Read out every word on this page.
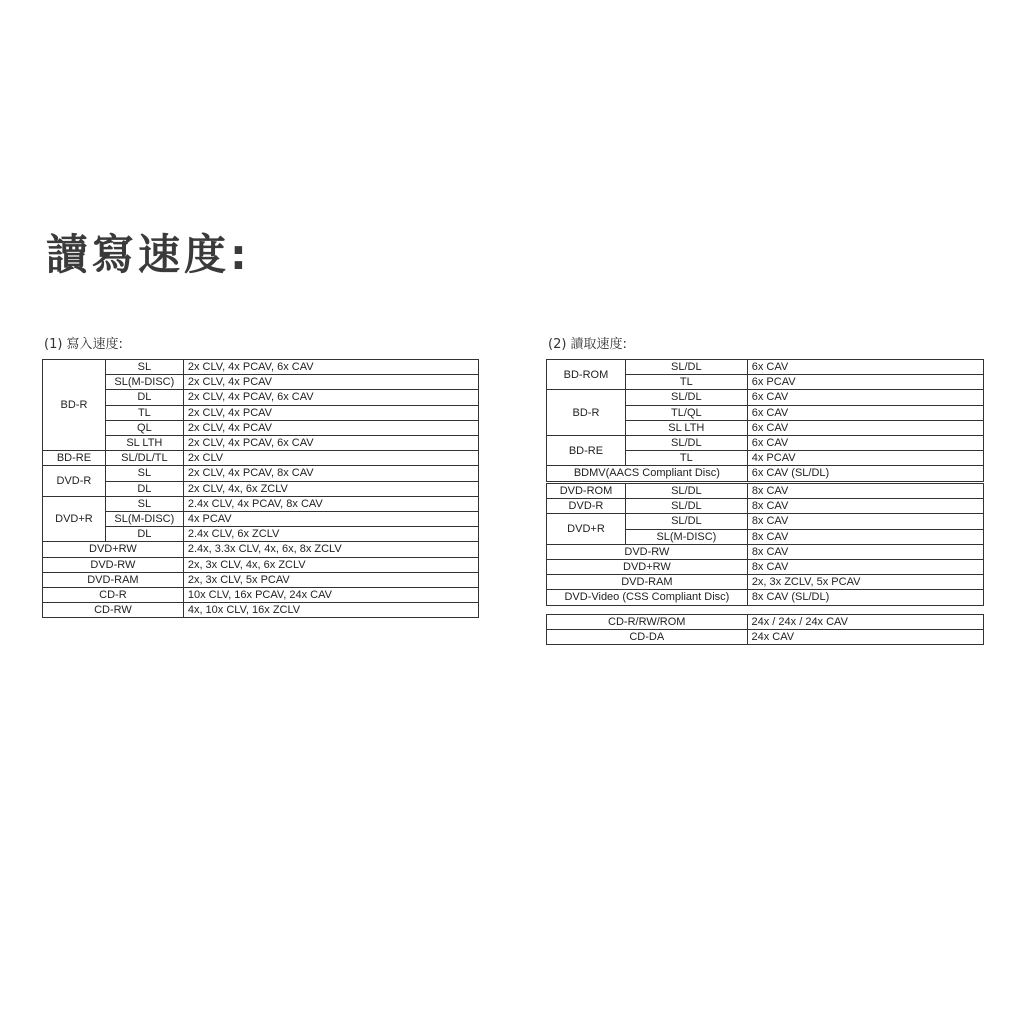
讀寫速度:
(1) 寫入速度:	(2) 讀取速度:
BD-R	SL	2x CLV, 4x PCAV, 6x CAV
	SL(M-DISC)	2x CLV, 4x PCAV
	DL	2x CLV, 4x PCAV, 6x CAV
	TL	2x CLV, 4x PCAV
	QL	2x CLV, 4x PCAV
	SL LTH	2x CLV, 4x PCAV, 6x CAV
BD-RE	SL/DL/TL	2x CLV
DVD-R	SL	2x CLV, 4x PCAV, 8x CAV
	DL	2x CLV, 4x, 6x ZCLV
DVD+R	SL	2.4x CLV, 4x PCAV, 8x CAV
	SL(M-DISC)	4x PCAV
	DL	2.4x CLV, 6x ZCLV
DVD+RW		2.4x, 3.3x CLV, 4x, 6x, 8x ZCLV
DVD-RW		2x, 3x CLV, 4x, 6x ZCLV
DVD-RAM		2x, 3x CLV, 5x PCAV
CD-R		10x CLV, 16x PCAV, 24x CAV
CD-RW		4x, 10x CLV, 16x ZCLV
BD-ROM	SL/DL	6x CAV
	TL	6x PCAV
BD-R	SL/DL	6x CAV
	TL/QL	6x CAV
	SL LTH	6x CAV
BD-RE	SL/DL	6x CAV
	TL	4x PCAV
BDMV(AACS Compliant Disc)		6x CAV (SL/DL)
DVD-ROM	SL/DL	8x CAV
DVD-R	SL/DL	8x CAV
DVD+R	SL/DL	8x CAV
	SL(M-DISC)	8x CAV
DVD-RW		8x CAV
DVD+RW		8x CAV
DVD-RAM		2x, 3x ZCLV, 5x PCAV
DVD-Video (CSS Compliant Disc)		8x CAV (SL/DL)
CD-R/RW/ROM	24x / 24x / 24x CAV
CD-DA	24x CAV
